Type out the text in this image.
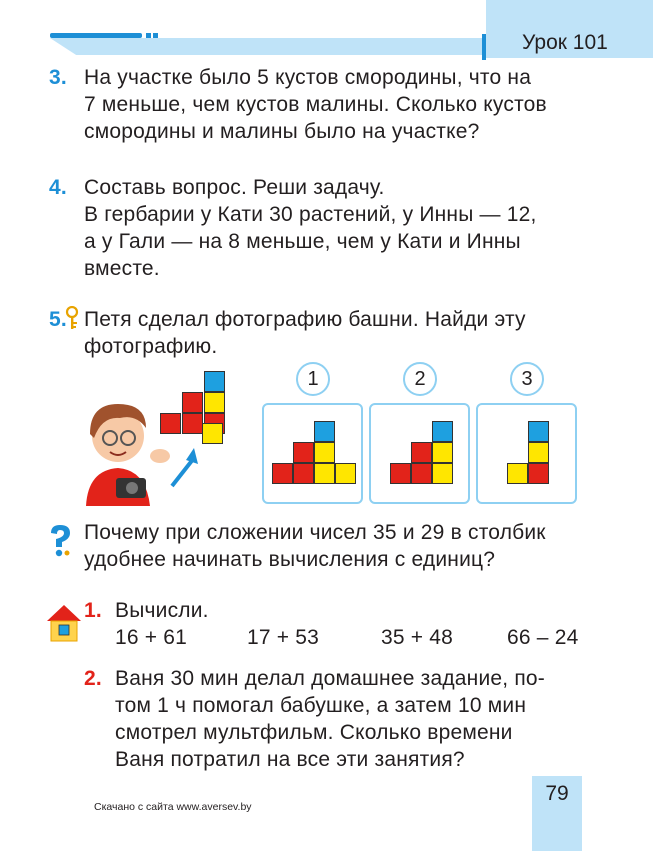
Урок 101
3. На участке было 5 кустов смородины, что на
7 меньше, чем кустов малины. Сколько кустов
смородины и малины было на участке?
4. Составь вопрос. Реши задачу.
В гербарии у Кати 30 растений, у Инны — 12,
а у Гали — на 8 меньше, чем у Кати и Инны
вместе.
5. Петя сделал фотографию башни. Найди эту
фотографию.
1	2	3
Почему при сложении чисел 35 и 29 в столбик
удобнее начинать вычисления с единиц?
1. Вычисли.
16 + 61	17 + 53	35 + 48	66 – 24
2. Ваня 30 мин делал домашнее задание, по-
том 1 ч помогал бабушке, а затем 10 мин
смотрел мультфильм. Сколько времени
Ваня потратил на все эти занятия?
Скачано с сайта www.aversev.by
79
